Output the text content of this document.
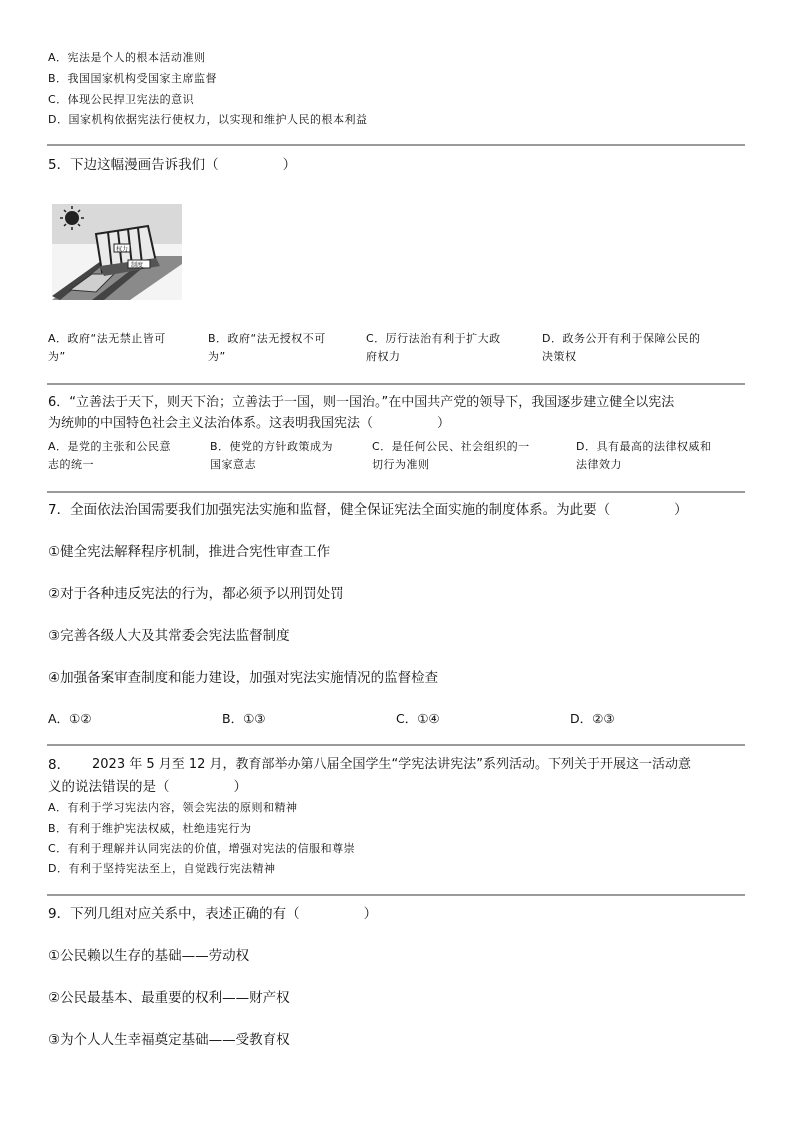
A．宪法是个人的根本活动准则
B．我国国家机构受国家主席监督
C．体现公民捍卫宪法的意识
D．国家机构依据宪法行使权力，以实现和维护人民的根本利益
5．下边这幅漫画告诉我们（	）
权力
制度
A．政府“法无禁止皆可
为”
B．政府“法无授权不可
为”
C．厉行法治有利于扩大政
府权力
D．政务公开有利于保障公民的
决策权
6．“立善法于天下，则天下治；立善法于一国，则一国治。”在中国共产党的领导下，我国逐步建立健全以宪法
为统帅的中国特色社会主义法治体系。这表明我国宪法（	）
A．是党的主张和公民意
志的统一
B．使党的方针政策成为
国家意志
C．是任何公民、社会组织的一
切行为准则
D．具有最高的法律权威和
法律效力
7．全面依法治国需要我们加强宪法实施和监督，健全保证宪法全面实施的制度体系。为此要（	）
①健全宪法解释程序机制，推进合宪性审查工作
②对于各种违反宪法的行为，都必须予以刑罚处罚
③完善各级人大及其常委会宪法监督制度
④加强备案审查制度和能力建设，加强对宪法实施情况的监督检查
A．①②	B．①③	C．①④	D．②③
8． 2023 年 5 月至 12 月，教育部举办第八届全国学生“学宪法讲宪法”系列活动。下列关于开展这一活动意
义的说法错误的是（	）
A．有利于学习宪法内容，领会宪法的原则和精神
B．有利于维护宪法权威，杜绝违宪行为
C．有利于理解并认同宪法的价值，增强对宪法的信服和尊崇
D．有利于坚持宪法至上，自觉践行宪法精神
9．下列几组对应关系中，表述正确的有（	）
①公民赖以生存的基础——劳动权
②公民最基本、最重要的权利——财产权
③为个人人生幸福奠定基础——受教育权
